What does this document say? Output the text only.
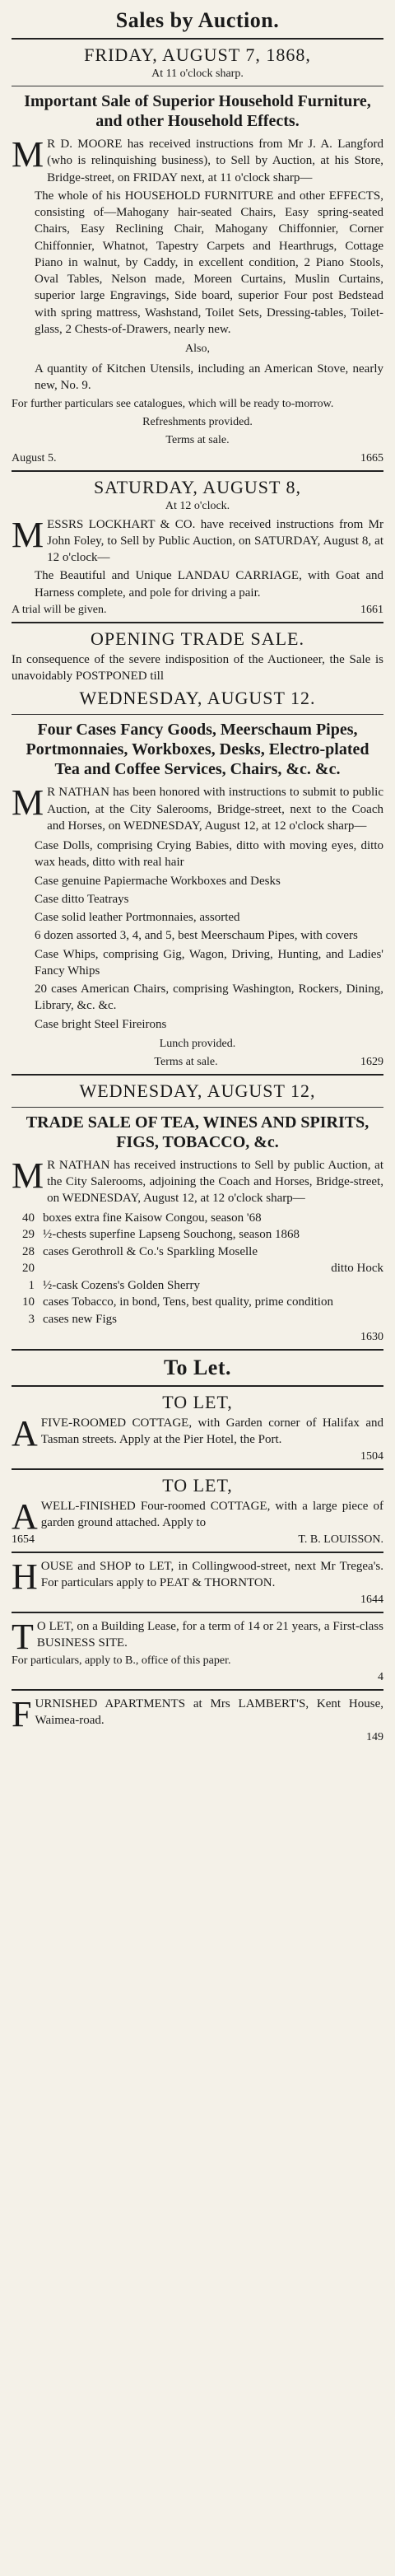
Sales by Auction.
FRIDAY, AUGUST 7, 1868,
At 11 o'clock sharp.
Important Sale of Superior Household Furniture, and other Household Effects.

M R D. MOORE has received instructions from Mr J. A. Langford (who is relinquishing business), to Sell by Auction, at his Store, Bridge-street, on FRIDAY next, at 11 o'clock sharp—

The whole of his HOUSEHOLD FURNITURE and other EFFECTS, consisting of—Mahogany hair-seated Chairs, Easy spring-seated Chairs, Easy Reclining Chair, Mahogany Chiffonnier, Corner Chiffonnier, Whatnot, Tapestry Carpets and Hearthrugs, Cottage Piano in walnut, by Caddy, in excellent condition, 2 Piano Stools, Oval Tables, Nelson made, Moreen Curtains, Muslin Curtains, superior large Engravings, Side board, superior Four post Bedstead with spring mattress, Washstand, Toilet Sets, Dressing-tables, Toilet-glass, 2 Chests-of-Drawers, nearly new.

Also,

A quantity of Kitchen Utensils, including an American Stove, nearly new, No. 9.

For further particulars see catalogues, which will be ready to-morrow.

Refreshments provided.
Terms at sale.
August 5.	1665
SATURDAY, AUGUST 8,
At 12 o'clock.

MESSRS LOCKHART & CO. have received instructions from Mr John Foley, to Sell by Public Auction, on SATURDAY, August 8, at 12 o'clock—

The Beautiful and Unique LANDAU CARRIAGE, with Goat and Harness complete, and pole for driving a pair.

A trial will be given.	1661
OPENING TRADE SALE.

In consequence of the severe indisposition of the Auctioneer, the Sale is unavoidably POSTPONED till

WEDNESDAY, AUGUST 12.
Four Cases Fancy Goods, Meerschaum Pipes, Portmonnaies, Workboxes, Desks, Electro-plated Tea and Coffee Services, Chairs, &c. &c.

M R NATHAN has been honored with instructions to submit to public Auction, at the City Salerooms, Bridge-street, next to the Coach and Horses, on WEDNESDAY, August 12, at 12 o'clock sharp—

Case Dolls, comprising Crying Babies, ditto with moving eyes, ditto wax heads, ditto with real hair
Case genuine Papiermache Workboxes and Desks
Case ditto Teatrays
Case solid leather Portmonnaies, assorted
6 dozen assorted 3, 4, and 5, best Meerschaum Pipes, with covers
Case Whips, comprising Gig, Wagon, Driving, Hunting, and Ladies' Fancy Whips
20 cases American Chairs, comprising Washington, Rockers, Dining, Library, &c. &c.
Case bright Steel Fireirons
Lunch provided.
Terms at sale.	1629
WEDNESDAY, AUGUST 12,
TRADE SALE OF TEA, WINES AND SPIRITS, FIGS, TOBACCO, &c.

M R NATHAN has received instructions to Sell by public Auction, at the City Salerooms, adjoining the Coach and Horses, Bridge-street, on WEDNESDAY, August 12, at 12 o'clock sharp—

40 boxes extra fine Kaisow Congou, season '68
29 ½-chests superfine Lapseng Souchong, season 1868
28 cases Gerothroll & Co.'s Sparkling Moselle
20	ditto Hock
1 ½-cask Cozens's Golden Sherry
10 cases Tobacco, in bond, Tens, best quality, prime condition
3 cases new Figs
1630
To Let.
TO LET,

AFIVE-ROOMED COTTAGE, with Garden corner of Halifax and Tasman streets. Apply at the Pier Hotel, the Port.

1504
TO LET,

AWELL-FINISHED Four-roomed COTTAGE, with a large piece of garden ground attached. Apply to

1654	T. B. LOUISSON.

HOUSE and SHOP to LET, in Collingwood-street, next Mr Tregea's. For particulars apply to PEAT & THORNTON.

1644

T O LET, on a Building Lease, for a term of 14 or 21 years, a First-class BUSINESS SITE.

For particulars, apply to B., office of this paper.

4

FURNISHED APARTMENTS at Mrs LAMBERT'S, Kent House, Waimea-road.

149
